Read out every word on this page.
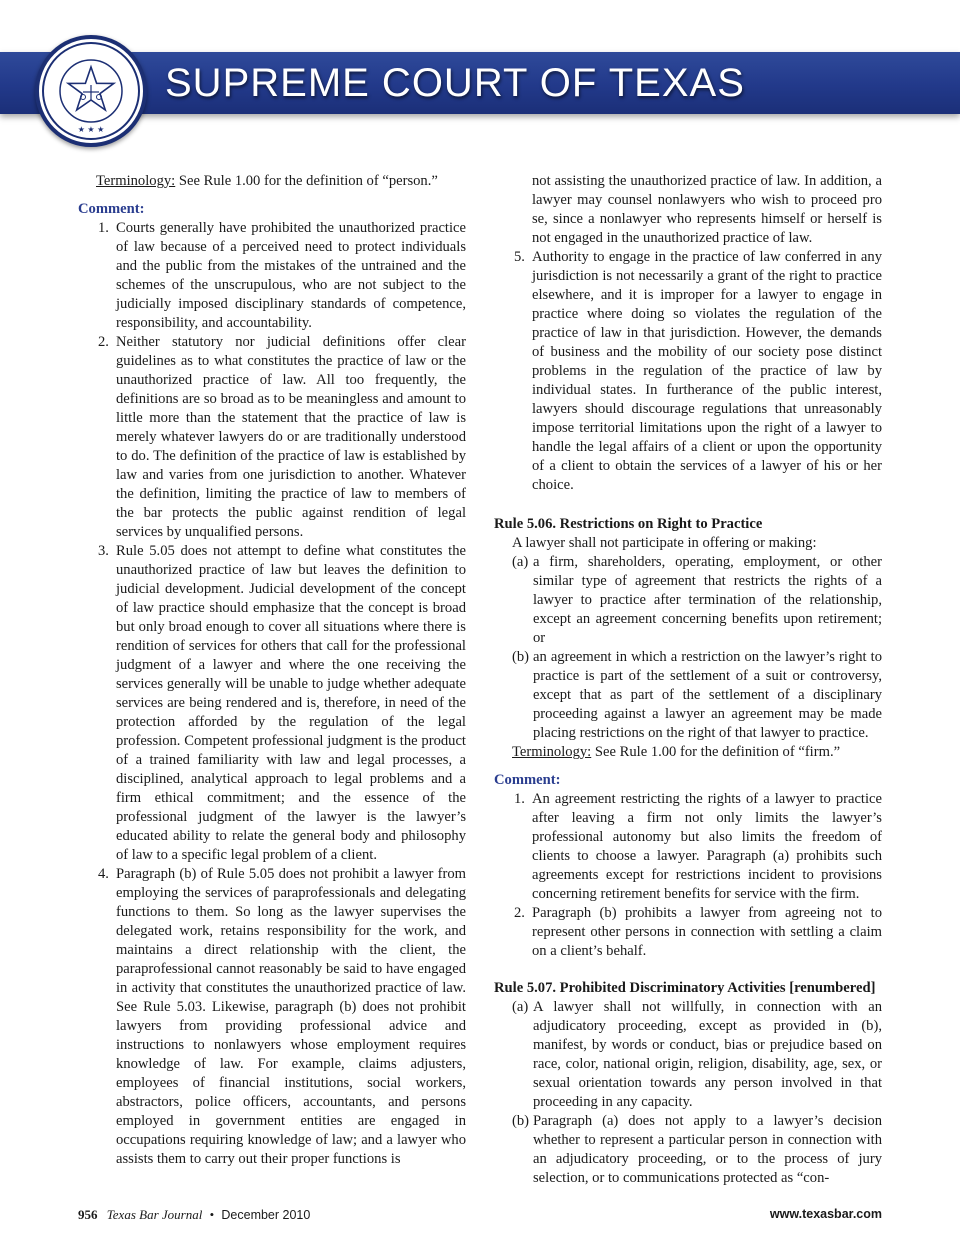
SUPREME COURT OF TEXAS
★ ★ ★

Terminology: See Rule 1.00 for the definition of “person.”

Comment:

1. Courts generally have prohibited the unauthorized practice of law because of a perceived need to protect individuals and the public from the mistakes of the untrained and the schemes of the unscrupulous, who are not subject to the judicially imposed disciplinary standards of competence, responsibility, and accountability.
2. Neither statutory nor judicial definitions offer clear guidelines as to what constitutes the practice of law or the unauthorized practice of law. All too frequently, the definitions are so broad as to be meaningless and amount to little more than the statement that the practice of law is merely whatever lawyers do or are traditionally understood to do. The definition of the practice of law is established by law and varies from one jurisdiction to another. Whatever the definition, limiting the practice of law to members of the bar protects the public against rendition of legal services by unqualified persons.
3. Rule 5.05 does not attempt to define what constitutes the unauthorized practice of law but leaves the definition to judicial development. Judicial development of the concept of law practice should emphasize that the concept is broad but only broad enough to cover all situations where there is rendition of services for others that call for the professional judgment of a lawyer and where the one receiving the services generally will be unable to judge whether adequate services are being rendered and is, therefore, in need of the protection afforded by the regulation of the legal profession. Competent professional judgment is the product of a trained familiarity with law and legal processes, a disciplined, analytical approach to legal problems and a firm ethical commitment; and the essence of the professional judgment of the lawyer is the lawyer’s educated ability to relate the general body and philosophy of law to a specific legal problem of a client.
4. Paragraph (b) of Rule 5.05 does not prohibit a lawyer from employing the services of paraprofessionals and delegating functions to them. So long as the lawyer supervises the delegated work, retains responsibility for the work, and maintains a direct relationship with the client, the paraprofessional cannot reasonably be said to have engaged in activity that constitutes the unauthorized practice of law. See Rule 5.03. Likewise, paragraph (b) does not prohibit lawyers from providing professional advice and instructions to nonlawyers whose employment requires knowledge of law. For example, claims adjusters, employees of financial institutions, social workers, abstractors, police officers, accountants, and persons employed in government entities are engaged in occupations requiring knowledge of law; and a lawyer who assists them to carry out their proper functions is

not assisting the unauthorized practice of law. In addition, a lawyer may counsel nonlawyers who wish to proceed pro se, since a nonlawyer who represents himself or herself is not engaged in the unauthorized practice of law.

5. Authority to engage in the practice of law conferred in any jurisdiction is not necessarily a grant of the right to practice elsewhere, and it is improper for a lawyer to engage in practice where doing so violates the regulation of the practice of law in that jurisdiction. However, the demands of business and the mobility of our society pose distinct problems in the regulation of the practice of law by individual states. In furtherance of the public interest, lawyers should discourage regulations that unreasonably impose territorial limitations upon the right of a lawyer to handle the legal affairs of a client or upon the opportunity of a client to obtain the services of a lawyer of his or her choice.

Rule 5.06. Restrictions on Right to Practice

A lawyer shall not participate in offering or making:

(a) a firm, shareholders, operating, employment, or other similar type of agreement that restricts the rights of a lawyer to practice after termination of the relationship, except an agreement concerning benefits upon retirement; or
(b) an agreement in which a restriction on the lawyer’s right to practice is part of the settlement of a suit or controversy, except that as part of the settlement of a disciplinary proceeding against a lawyer an agreement may be made placing restrictions on the right of that lawyer to practice.

Terminology: See Rule 1.00 for the definition of “firm.”

Comment:

1. An agreement restricting the rights of a lawyer to practice after leaving a firm not only limits the lawyer’s professional autonomy but also limits the freedom of clients to choose a lawyer. Paragraph (a) prohibits such agreements except for restrictions incident to provisions concerning retirement benefits for service with the firm.
2. Paragraph (b) prohibits a lawyer from agreeing not to represent other persons in connection with settling a claim on a client’s behalf.

Rule 5.07. Prohibited Discriminatory Activities [renumbered]

(a) A lawyer shall not willfully, in connection with an adjudicatory proceeding, except as provided in (b), manifest, by words or conduct, bias or prejudice based on race, color, national origin, religion, disability, age, sex, or sexual orientation towards any person involved in that proceeding in any capacity.
(b) Paragraph (a) does not apply to a lawyer’s decision whether to represent a particular person in connection with an adjudicatory proceeding, or to the process of jury selection, or to communications protected as “con-
956 Texas Bar Journal • December 2010	www.texasbar.com
